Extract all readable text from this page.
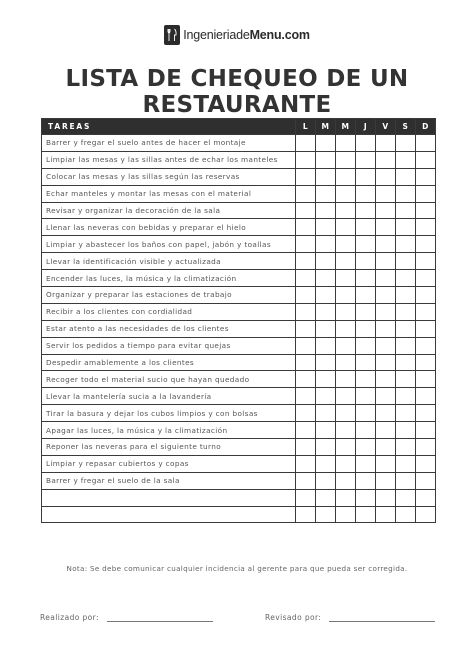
IngenieriadeMenu.com
LISTA DE CHEQUEO DE UN RESTAURANTE
TAREAS	L	M	M	J	V	S	D
Barrer y fregar el suelo antes de hacer el montaje							
Limpiar las mesas y las sillas antes de echar los manteles							
Colocar las mesas y las sillas según las reservas							
Echar manteles y montar las mesas con el material							
Revisar y organizar la decoración de la sala							
Llenar las neveras con bebidas y preparar el hielo							
Limpiar y abastecer los baños con papel, jabón y toallas							
Llevar la identificación visible y actualizada							
Encender las luces, la música y la climatización							
Organizar y preparar las estaciones de trabajo							
Recibir a los clientes con cordialidad							
Estar atento a las necesidades de los clientes							
Servir los pedidos a tiempo para evitar quejas							
Despedir amablemente a los clientes							
Recoger todo el material sucio que hayan quedado							
Llevar la mantelería sucia a la lavandería							
Tirar la basura y dejar los cubos limpios y con bolsas							
Apagar las luces, la música y la climatización							
Reponer las neveras para el siguiente turno							
Limpiar y repasar cubiertos y copas							
Barrer y fregar el suelo de la sala							

Nota: Se debe comunicar cualquier incidencia al gerente para que pueda ser corregida.
Realizado por:	Revisado por:
